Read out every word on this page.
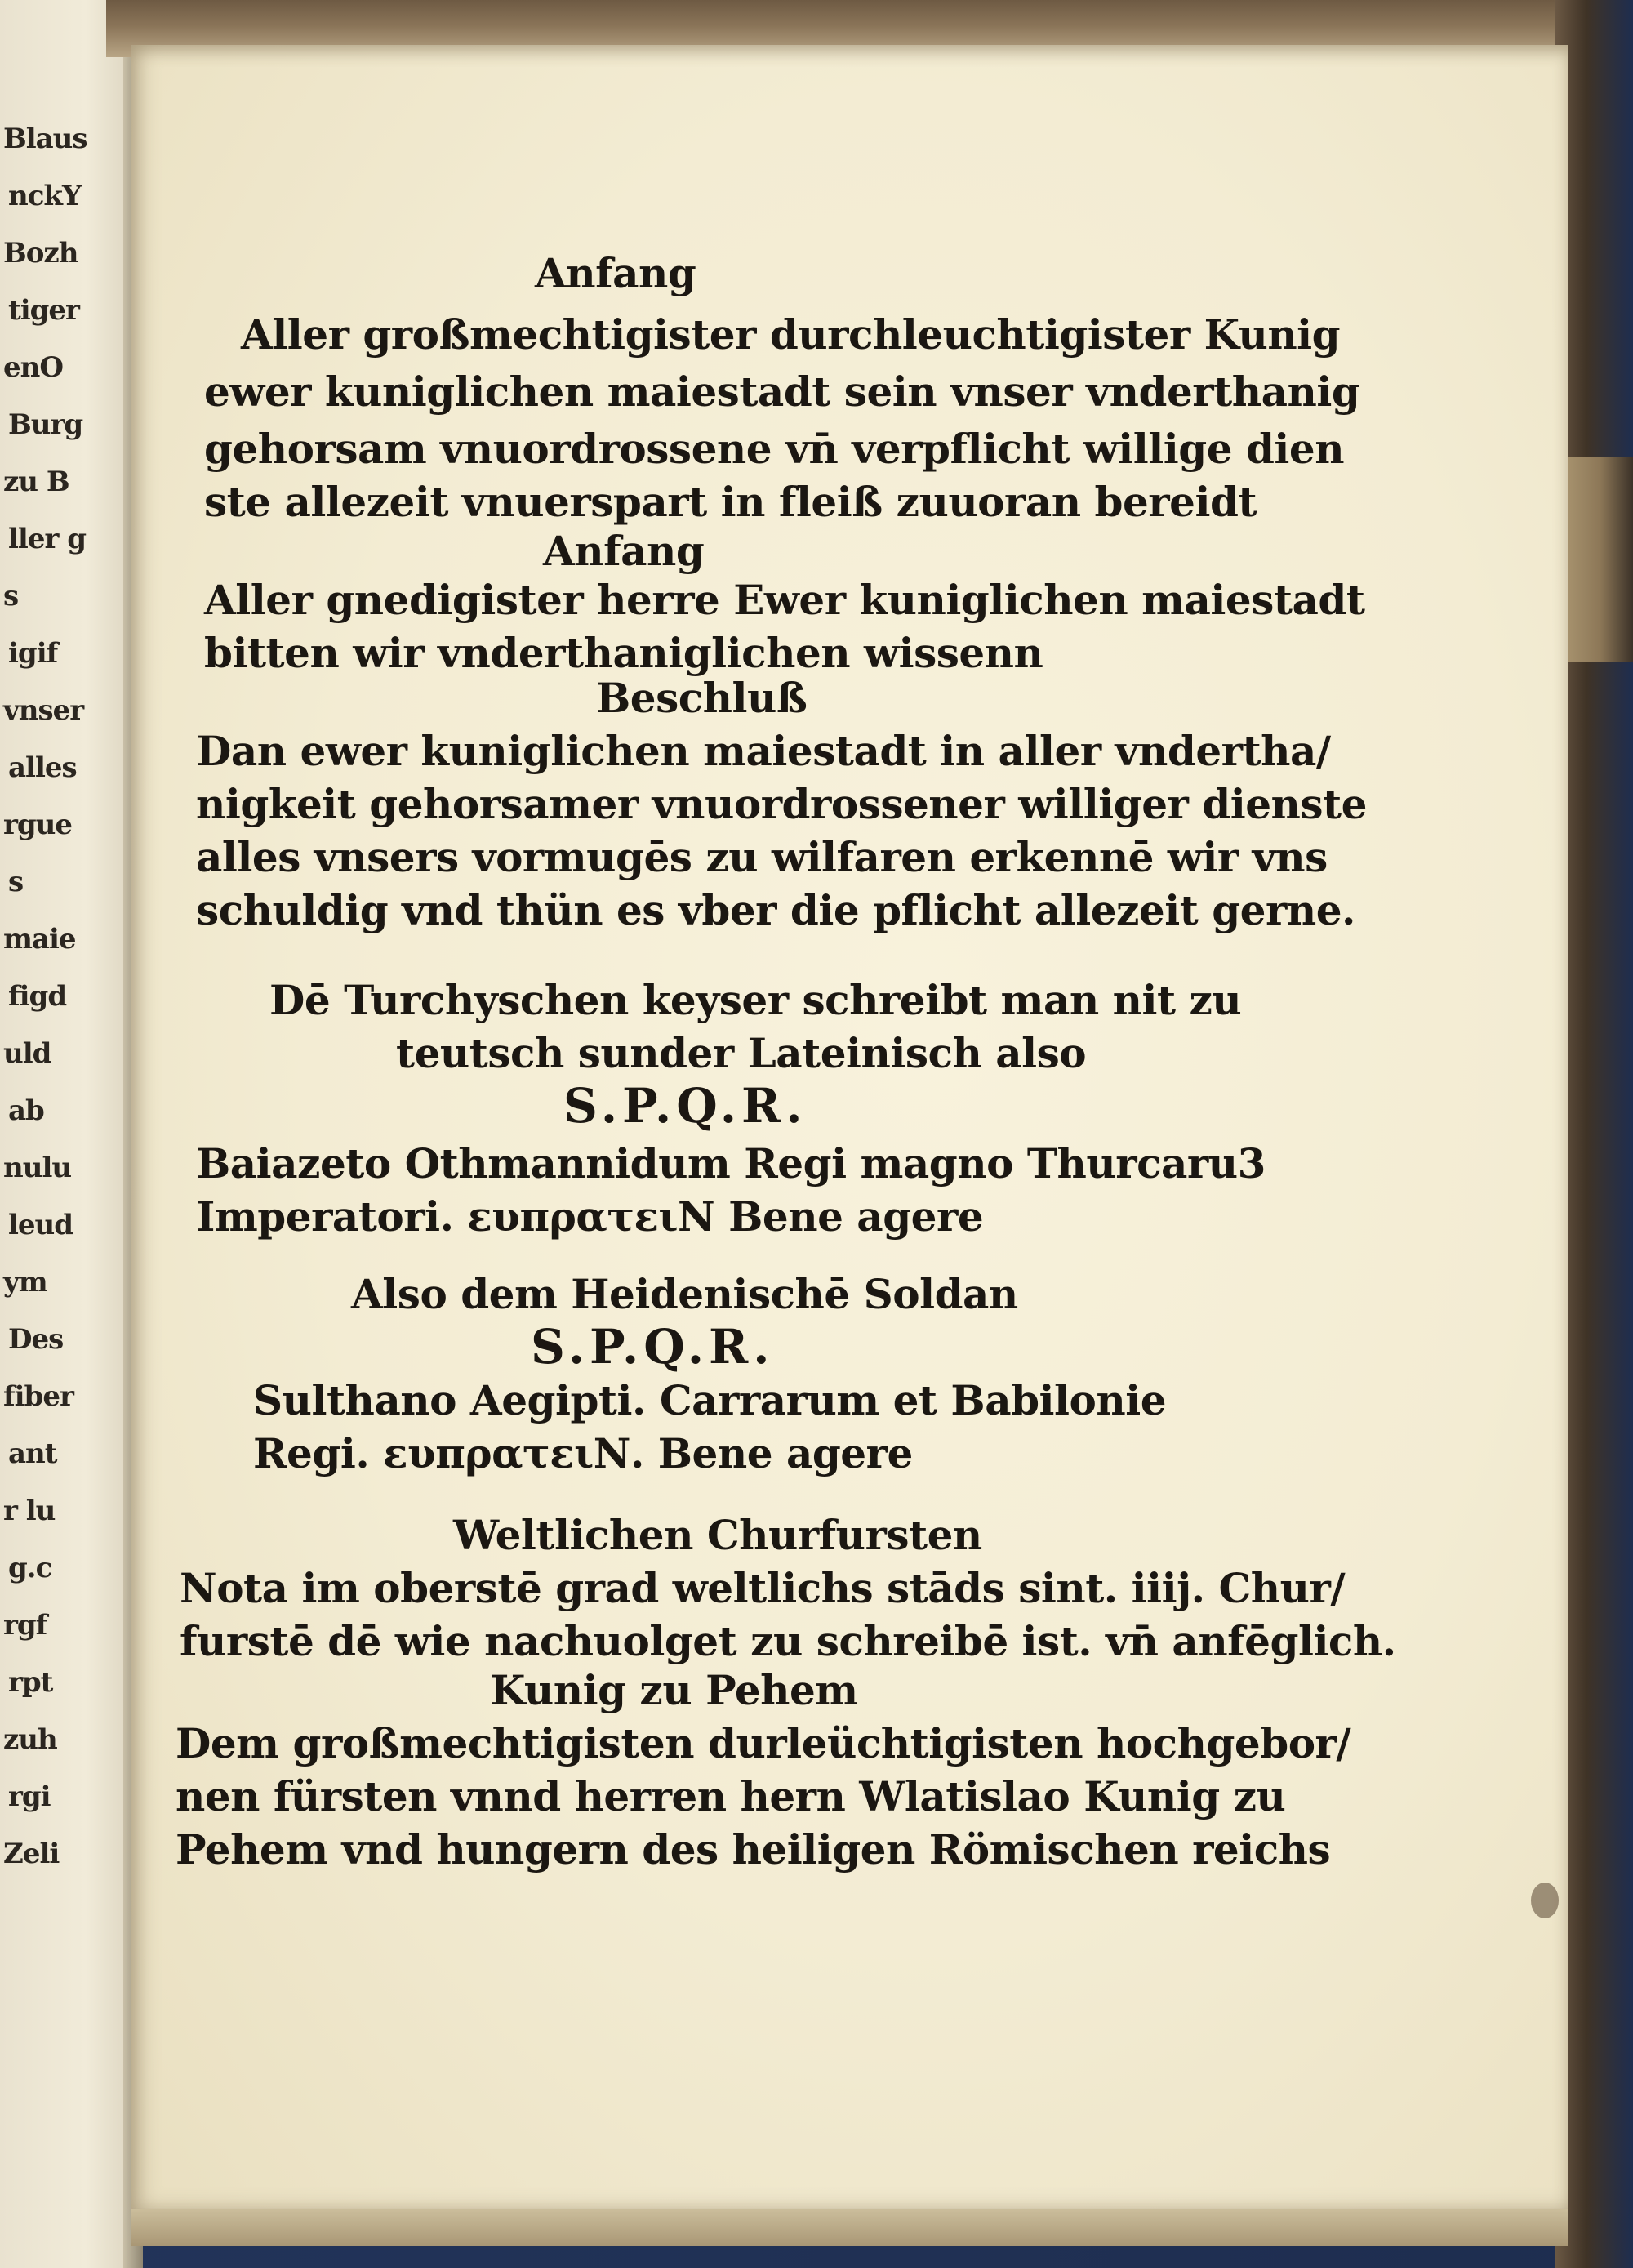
Blaus
nckY
Bozh
tiger
enO
Burg
zu B
ller g
s
igif
vnser
alles
rgue
s
maie
figd
uld
ab
nulu
leud
ym
Des
fiber
ant
r lu
g.c
rgf
rpt
zuh
rgi
Zeli
Anfang
Aller großmechtigister durchleuchtigister Kunig
ewer kuniglichen maiestadt sein vnser vnderthanig
gehorsam vnuordrossene vn̄ verpflicht willige dien
ste allezeit vnuerspart in fleiß zuuoran bereidt
Anfang
Aller gnedigister herre Ewer kuniglichen maiestadt
bitten wir vnderthaniglichen wissenn
Beschluß
Dan ewer kuniglichen maiestadt in aller vndertha/
nigkeit gehorsamer vnuordrossener williger dienste
alles vnsers vormugēs zu wilfaren erkennē wir vns
schuldig vnd thün es vber die pflicht allezeit gerne.
Dē Turchyschen keyser schreibt man nit zu
teutsch sunder Lateinisch also
S.P.Q.R.
Baiazeto Othmannidum Regi magno Thurcaru3
Imperatori. ευπρατειΝ Bene agere
Also dem Heidenischē Soldan
S.P.Q.R.
Sulthano Aegipti. Carrarum et Babilonie
Regi. ευπρατειΝ. Bene agere
Weltlichen Churfursten
Nota im oberstē grad weltlichs stāds sint. iiij. Chur/
furstē dē wie nachuolget zu schreibē ist. vn̄ anfēglich.
Kunig zu Pehem
Dem großmechtigisten durleüchtigisten hochgebor/
nen fürsten vnnd herren hern Wlatislao Kunig zu
Pehem vnd hungern des heiligen Römischen reichs
